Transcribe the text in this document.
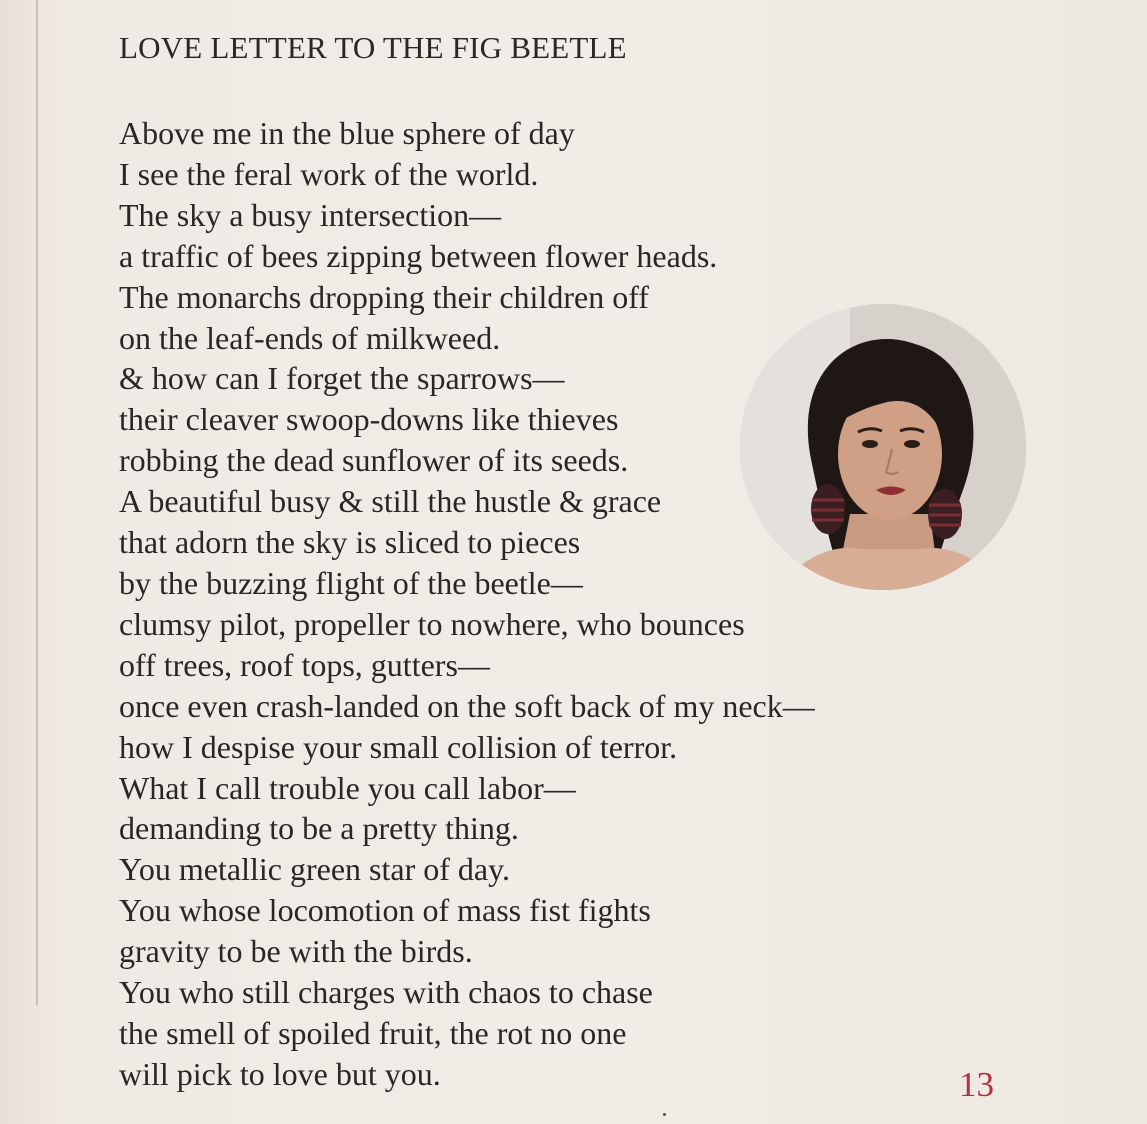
LOVE LETTER TO THE FIG BEETLE
Above me in the blue sphere of day
I see the feral work of the world.
The sky a busy intersection—
a traffic of bees zipping between flower heads.
The monarchs dropping their children off
on the leaf-ends of milkweed.
& how can I forget the sparrows—
their cleaver swoop-downs like thieves
robbing the dead sunflower of its seeds.
A beautiful busy & still the hustle & grace
that adorn the sky is sliced to pieces
by the buzzing flight of the beetle—
clumsy pilot, propeller to nowhere, who bounces
off trees, roof tops, gutters—
once even crash-landed on the soft back of my neck—
how I despise your small collision of terror.
What I call trouble you call labor—
demanding to be a pretty thing.
You metallic green star of day.
You whose locomotion of mass fist fights
gravity to be with the birds.
You who still charges with chaos to chase
the smell of spoiled fruit, the rot no one
will pick to love but you.	13
